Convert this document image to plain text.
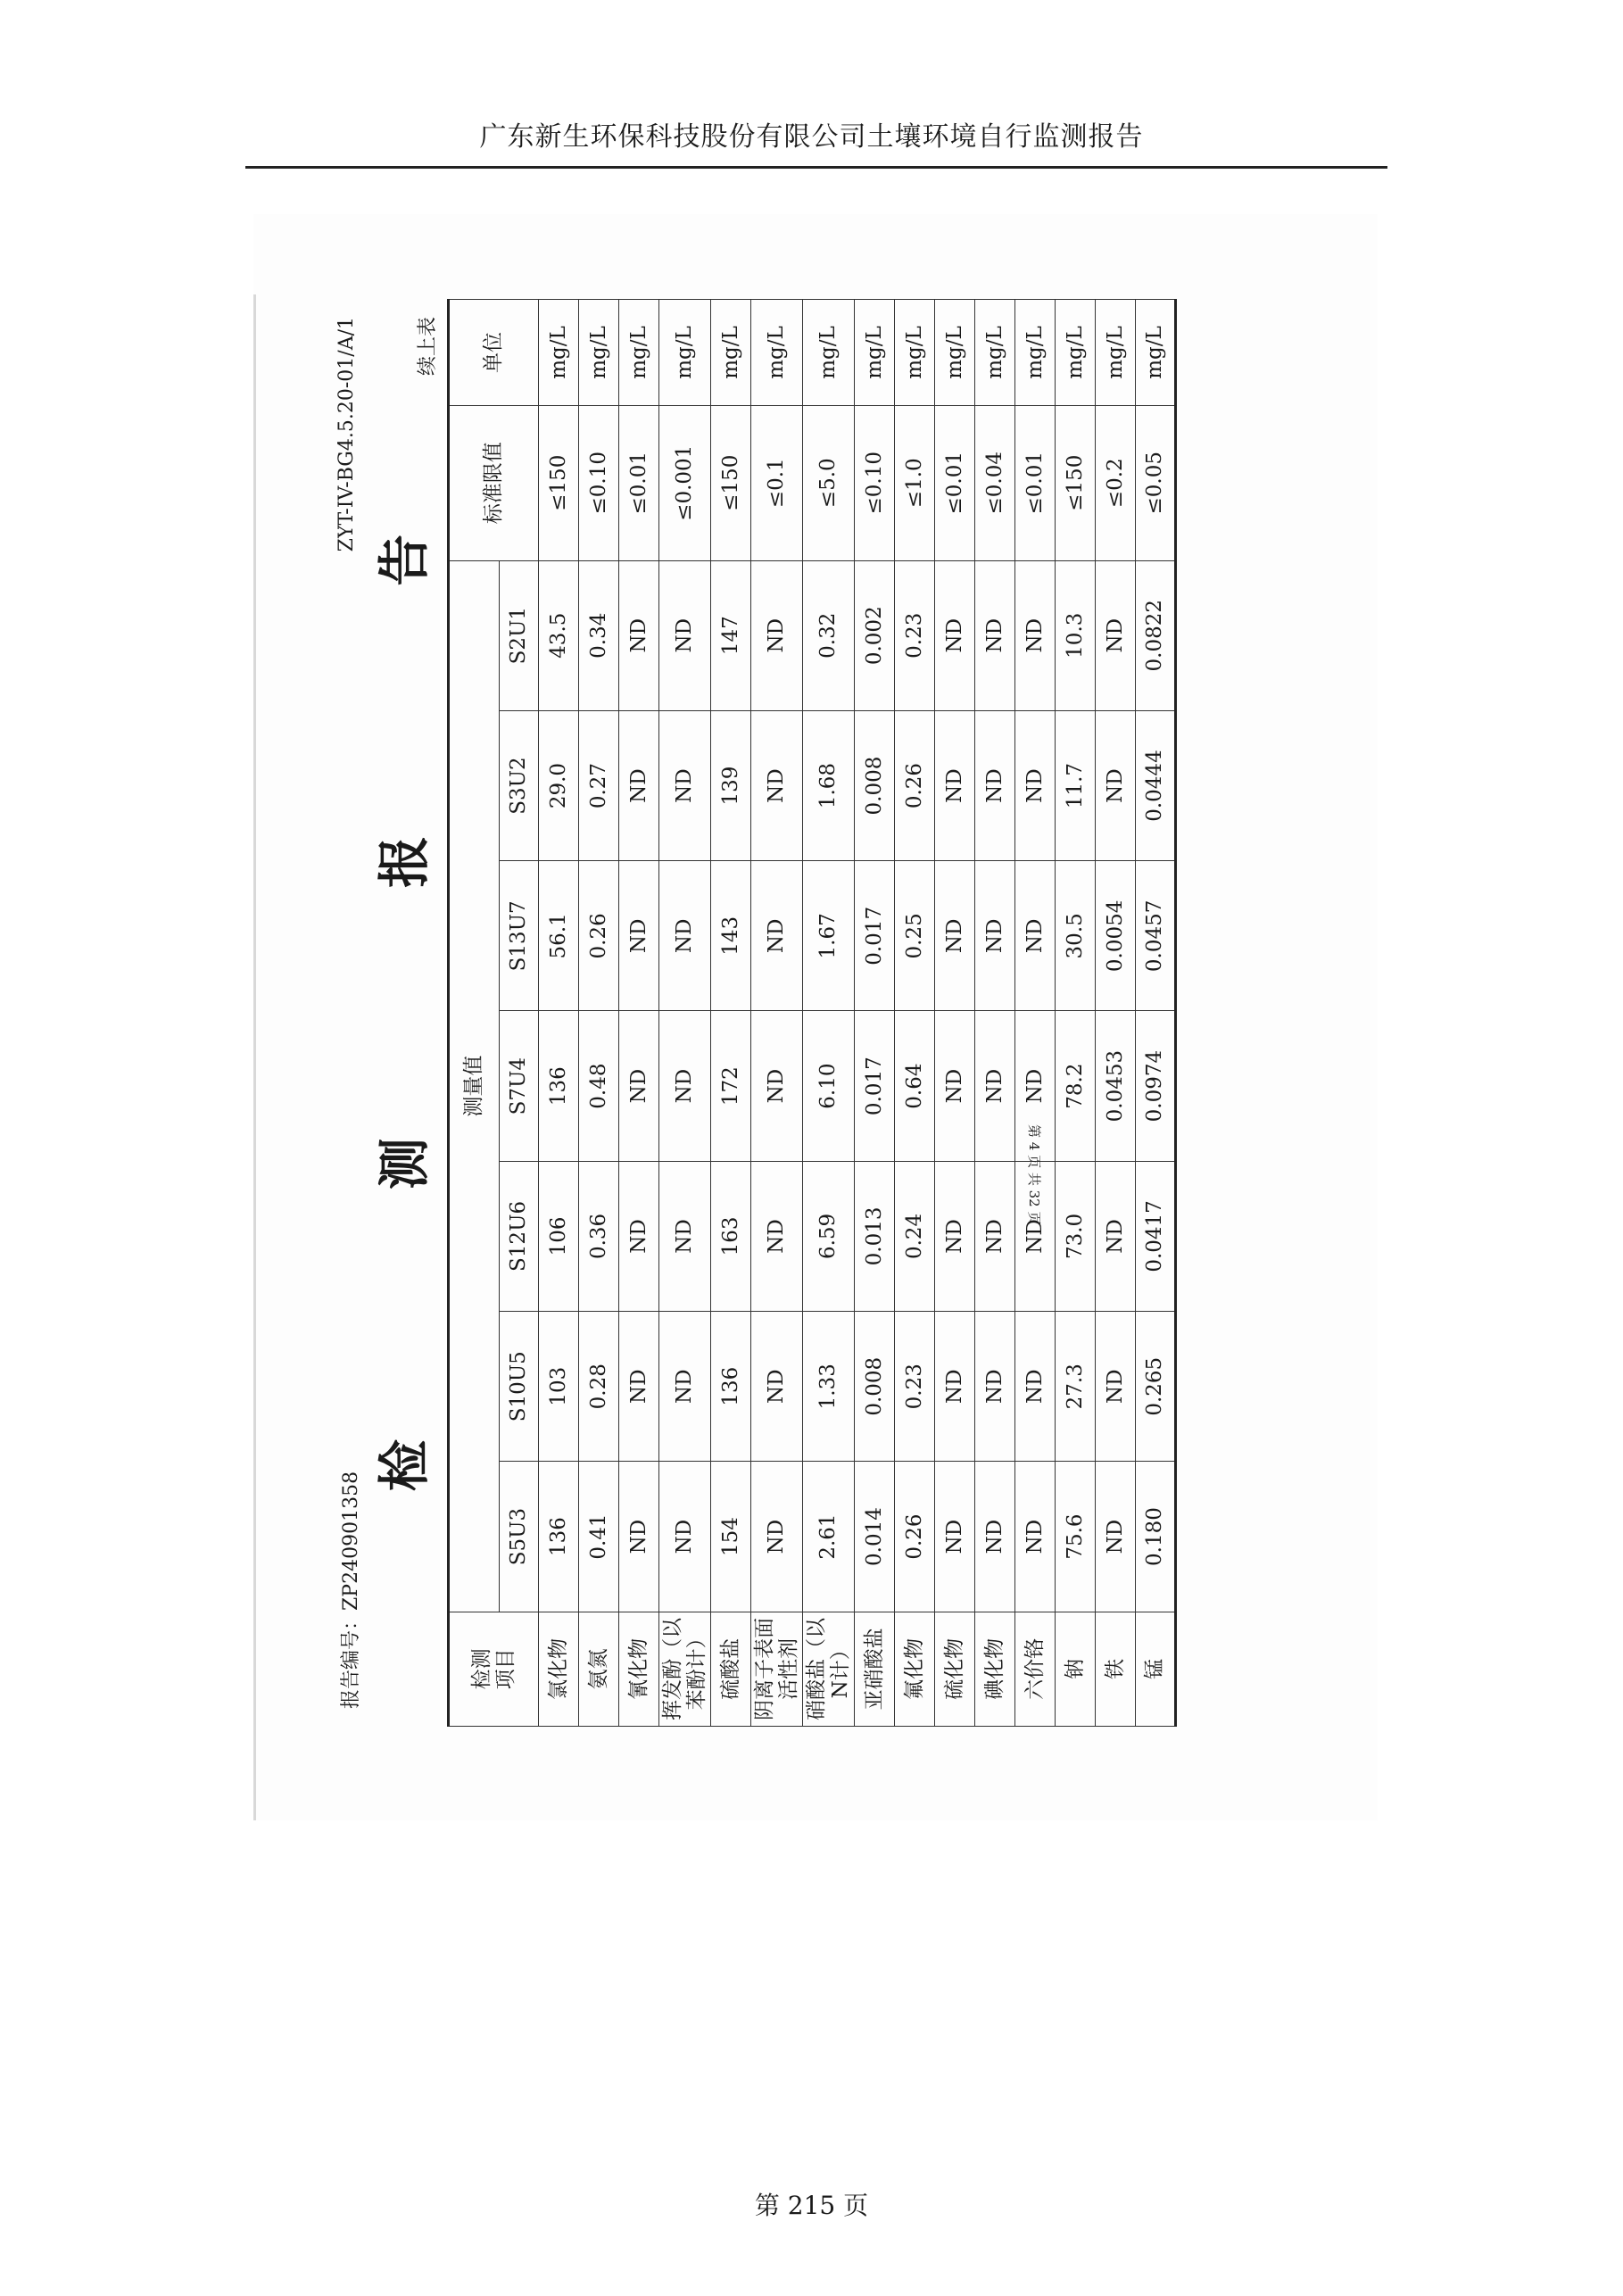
广东新生环保科技股份有限公司土壤环境自行监测报告
报告编号：ZP240901358
ZYT-IV-BG4.5.20-01/A/1 检 测 报 告
续上表
检测
项目	测量值							标准限值	单位
	S5U3	S10U5	S12U6	S7U4	S13U7	S3U2	S2U1		
氯化物	136	103	106	136	56.1	29.0	43.5	≤150	mg/L
氨氮	0.41	0.28	0.36	0.48	0.26	0.27	0.34	≤0.10	mg/L
氰化物	ND	ND	ND	ND	ND	ND	ND	≤0.01	mg/L
挥发酚（以苯酚计）	ND	ND	ND	ND	ND	ND	ND	≤0.001	mg/L
硫酸盐	154	136	163	172	143	139	147	≤150	mg/L
阴离子表面活性剂	ND	ND	ND	ND	ND	ND	ND	≤0.1	mg/L
硝酸盐（以N计）	2.61	1.33	6.59	6.10	1.67	1.68	0.32	≤5.0	mg/L
亚硝酸盐	0.014	0.008	0.013	0.017	0.017	0.008	0.002	≤0.10	mg/L
氟化物	0.26	0.23	0.24	0.64	0.25	0.26	0.23	≤1.0	mg/L
硫化物	ND	ND	ND	ND	ND	ND	ND	≤0.01	mg/L
碘化物	ND	ND	ND	ND	ND	ND	ND	≤0.04	mg/L
六价铬	ND	ND	ND	ND	ND	ND	ND	≤0.01	mg/L
钠	75.6	27.3	73.0	78.2	30.5	11.7	10.3	≤150	mg/L
铁	ND	ND	ND	0.0453	0.0054	ND	ND	≤0.2	mg/L
锰	0.180	0.265	0.0417	0.0974	0.0457	0.0444	0.0822	≤0.05	mg/L
第 4 页 共 32 页
第 215 页
